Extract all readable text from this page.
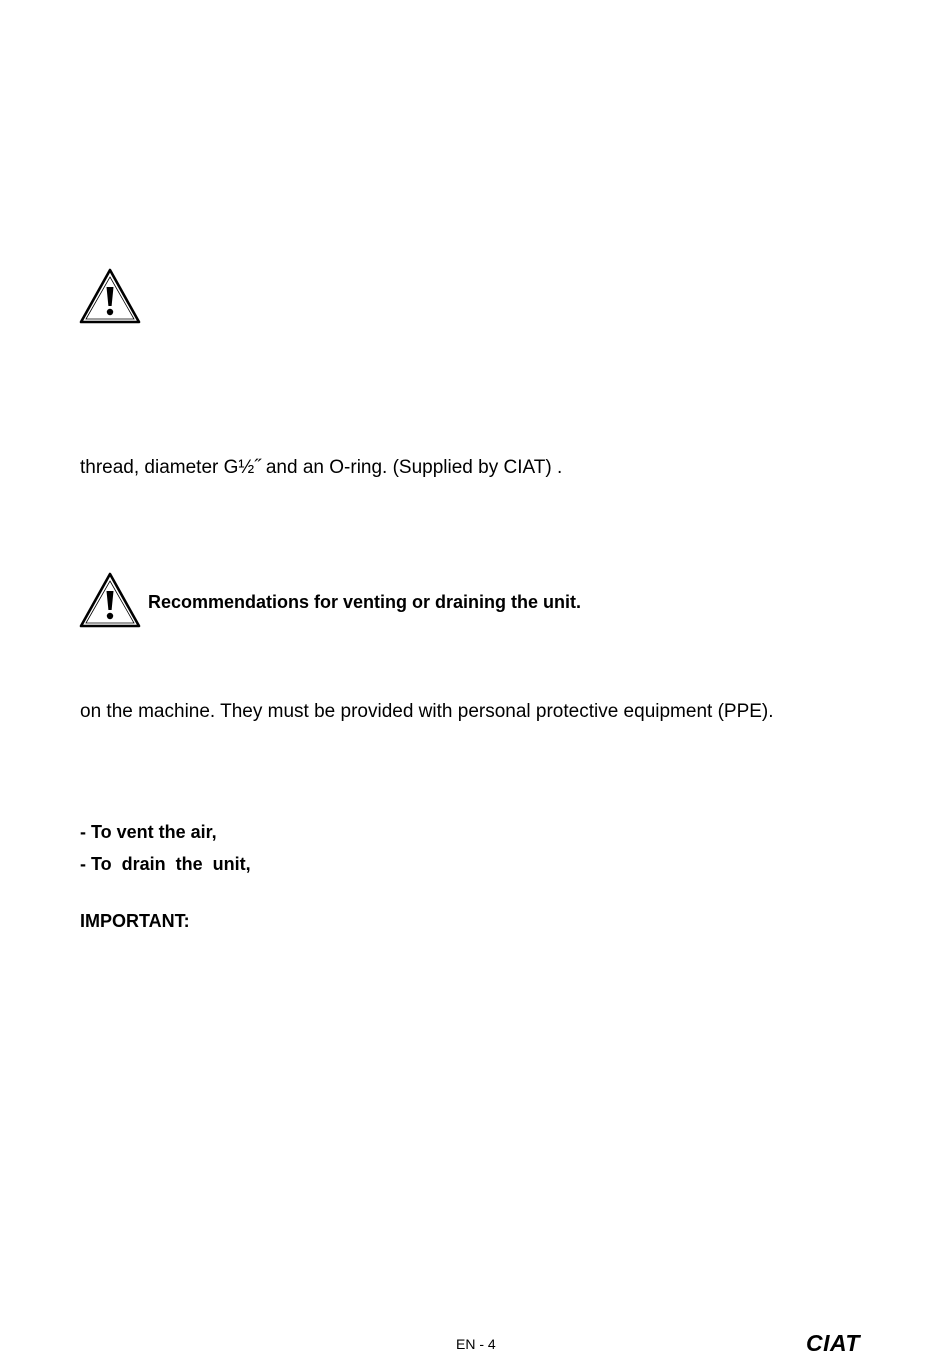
thread, diameter G½˝ and an O-ring. (Supplied by CIAT) .
Recommendations for venting or draining the unit.
on the machine. They must be provided with personal protective equipment (PPE).
- To vent the air,
- To  drain  the  unit,
IMPORTANT:
EN - 4	CIAT
